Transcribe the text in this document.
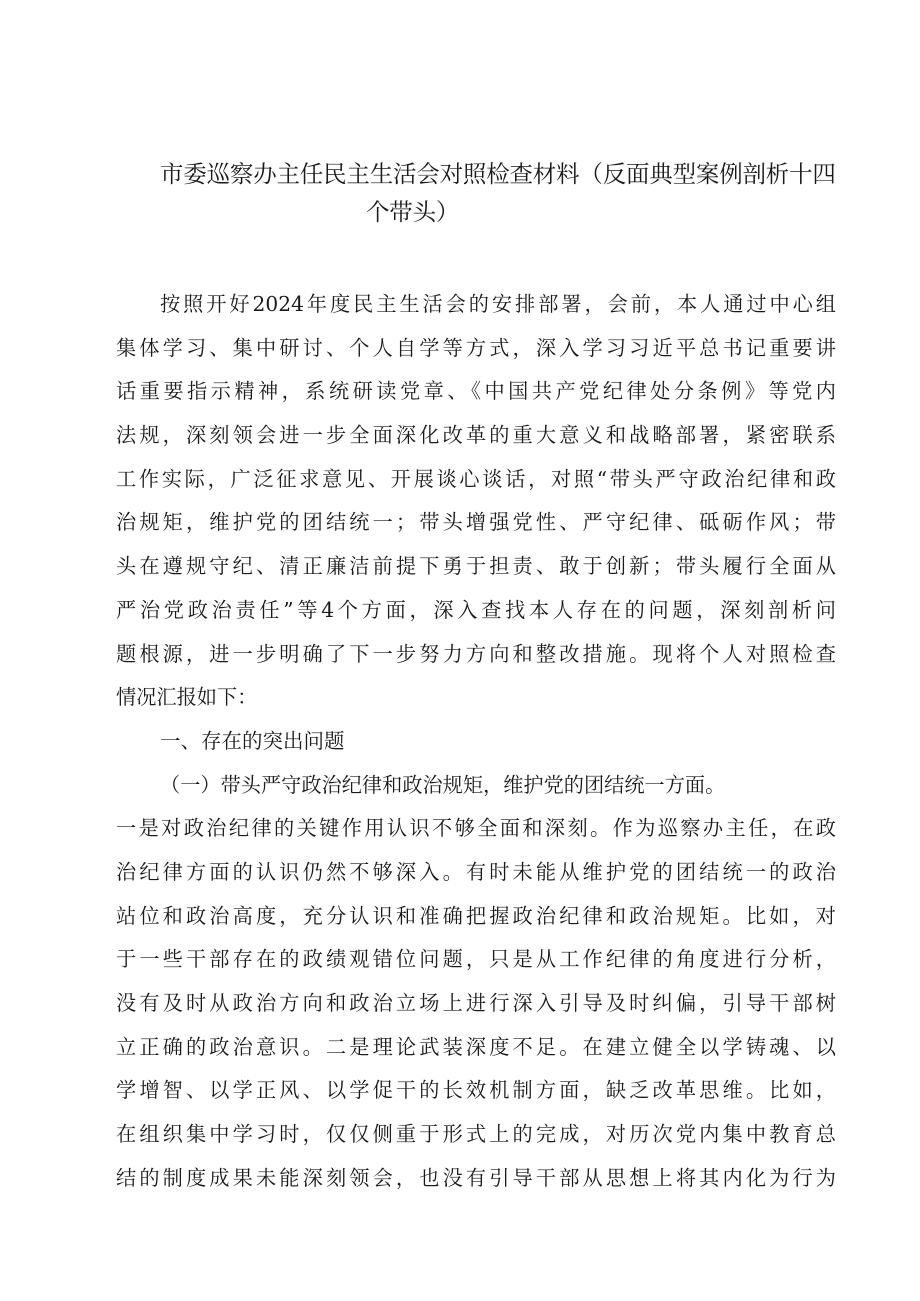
市委巡察办主任民主生活会对照检查材料（反面典型案例剖析十四
个带头）
按照开好2024年度民主生活会的安排部署，会前，本人通过中心组
集体学习、集中研讨、个人自学等方式，深入学习习近平总书记重要讲
话重要指示精神，系统研读党章、《中国共产党纪律处分条例》等党内
法规，深刻领会进一步全面深化改革的重大意义和战略部署，紧密联系
工作实际，广泛征求意见、开展谈心谈话，对照“带头严守政治纪律和政
治规矩，维护党的团结统一；带头增强党性、严守纪律、砥砺作风；带
头在遵规守纪、清正廉洁前提下勇于担责、敢于创新；带头履行全面从
严治党政治责任”等4个方面，深入查找本人存在的问题，深刻剖析问
题根源，进一步明确了下一步努力方向和整改措施。现将个人对照检查
情况汇报如下：
一、存在的突出问题
（一）带头严守政治纪律和政治规矩，维护党的团结统一方面。
一是对政治纪律的关键作用认识不够全面和深刻。作为巡察办主任，在政
治纪律方面的认识仍然不够深入。有时未能从维护党的团结统一的政治
站位和政治高度，充分认识和准确把握政治纪律和政治规矩。比如，对
于一些干部存在的政绩观错位问题，只是从工作纪律的角度进行分析，
没有及时从政治方向和政治立场上进行深入引导及时纠偏，引导干部树
立正确的政治意识。二是理论武装深度不足。在建立健全以学铸魂、以
学增智、以学正风、以学促干的长效机制方面，缺乏改革思维。比如，
在组织集中学习时，仅仅侧重于形式上的完成，对历次党内集中教育总
结的制度成果未能深刻领会，也没有引导干部从思想上将其内化为行为
